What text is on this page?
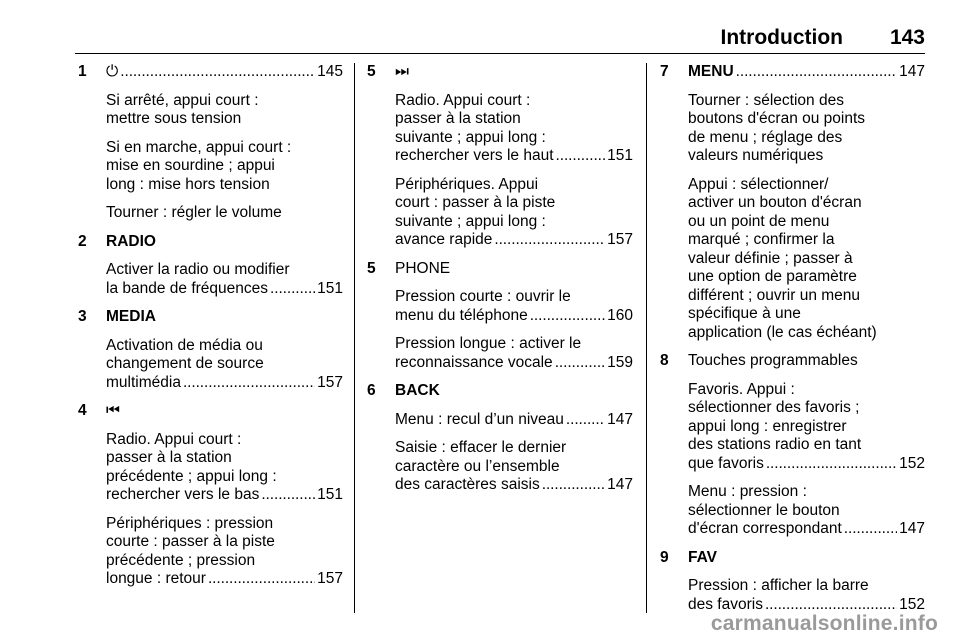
Introduction 143
1 ⏻ . . .	145
Si arrêté, appui court :
mettre sous tension
Si en marche, appui court :
mise en sourdine ; appui
long : mise hors tension
Tourner : régler le volume
2 RADIO
Activer la radio ou modifier
la bande de fréquences . . .	151
3 MEDIA
Activation de média ou
changement de source
multimédia . . .	157
4 ⏮
Radio. Appui court :
passer à la station
précédente ; appui long :
rechercher vers le bas . . .	151
Périphériques : pression
courte : passer à la piste
précédente ; pression
longue : retour . . .	157
5 ⏭
Radio. Appui court :
passer à la station
suivante ; appui long :
rechercher vers le haut . . .	151
Périphériques. Appui
court : passer à la piste
suivante ; appui long :
avance rapide . . .	157
5 PHONE
Pression courte : ouvrir le
menu du téléphone . . .	160
Pression longue : activer le
reconnaissance vocale . . .	159
6 BACK
Menu : recul d’un niveau . . .	147
Saisie : effacer le dernier
caractère ou l’ensemble
des caractères saisis . . .	147
7 MENU . . .	147
Tourner : sélection des
boutons d'écran ou points
de menu ; réglage des
valeurs numériques
Appui : sélectionner/
activer un bouton d'écran
ou un point de menu
marqué ; confirmer la
valeur définie ; passer à
une option de paramètre
différent ; ouvrir un menu
spécifique à une
application (le cas échéant)
8 Touches programmables
Favoris. Appui :
sélectionner des favoris ;
appui long : enregistrer
des stations radio en tant
que favoris . . .	152
Menu : pression :
sélectionner le bouton
d'écran correspondant . . .	147
9 FAV
Pression : afficher la barre
des favoris . . .	152
carmanualsonline.info
